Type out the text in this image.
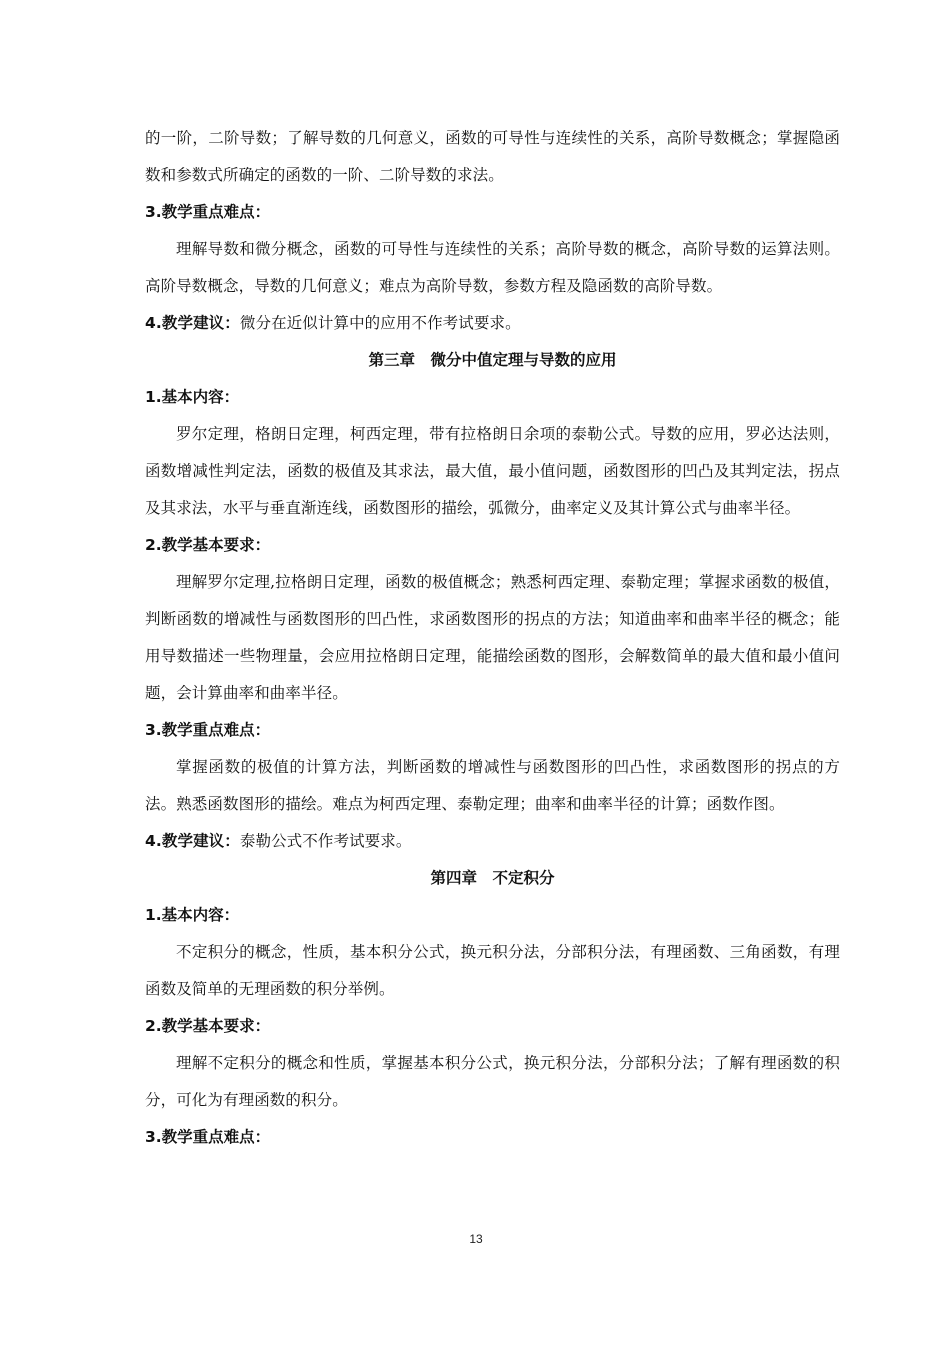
的一阶，二阶导数；了解导数的几何意义，函数的可导性与连续性的关系，高阶导数概念；掌握隐函数和参数式所确定的函数的一阶、二阶导数的求法。

3.教学重点难点：

理解导数和微分概念，函数的可导性与连续性的关系；高阶导数的概念，高阶导数的运算法则。高阶导数概念，导数的几何意义；难点为高阶导数，参数方程及隐函数的高阶导数。

4.教学建议：微分在近似计算中的应用不作考试要求。

第三章　微分中值定理与导数的应用

1.基本内容：

罗尔定理，格朗日定理，柯西定理，带有拉格朗日余项的泰勒公式。导数的应用，罗必达法则，函数增减性判定法，函数的极值及其求法，最大值，最小值问题，函数图形的凹凸及其判定法，拐点及其求法，水平与垂直渐连线，函数图形的描绘，弧微分，曲率定义及其计算公式与曲率半径。

2.教学基本要求：

理解罗尔定理,拉格朗日定理，函数的极值概念；熟悉柯西定理、泰勒定理；掌握求函数的极值，判断函数的增减性与函数图形的凹凸性，求函数图形的拐点的方法；知道曲率和曲率半径的概念；能用导数描述一些物理量，会应用拉格朗日定理，能描绘函数的图形，会解数简单的最大值和最小值问题，会计算曲率和曲率半径。

3.教学重点难点：

掌握函数的极值的计算方法，判断函数的增减性与函数图形的凹凸性，求函数图形的拐点的方法。熟悉函数图形的描绘。难点为柯西定理、泰勒定理；曲率和曲率半径的计算；函数作图。

4.教学建议：泰勒公式不作考试要求。

第四章　不定积分

1.基本内容：

不定积分的概念，性质，基本积分公式，换元积分法，分部积分法，有理函数、三角函数，有理函数及简单的无理函数的积分举例。

2.教学基本要求：

理解不定积分的概念和性质，掌握基本积分公式，换元积分法，分部积分法；了解有理函数的积分，可化为有理函数的积分。

3.教学重点难点：

13
